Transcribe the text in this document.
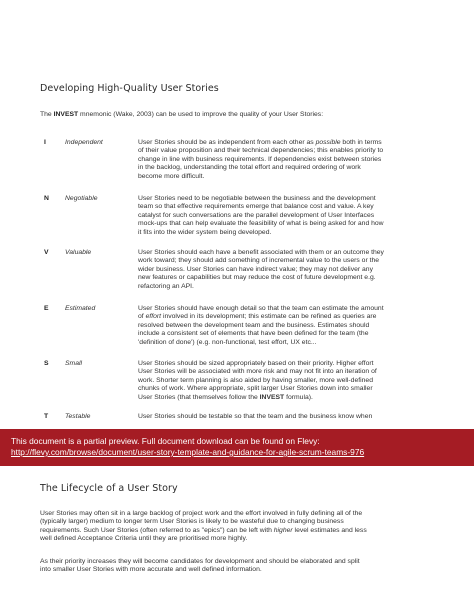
Developing High-Quality User Stories
The INVEST mnemonic (Wake, 2003) can be used to improve the quality of your User Stories:
I	Independent	User Stories should be as independent from each other as possible both in terms
of their value proposition and their technical dependencies; this enables priority to
change in line with business requirements. If dependencies exist between stories
in the backlog, understanding the total effort and required ordering of work
become more difficult.
N Negotiable	User Stories need to be negotiable between the business and the development
team so that effective requirements emerge that balance cost and value. A key
catalyst for such conversations are the parallel development of User Interfaces
mock-ups that can help evaluate the feasibility of what is being asked for and how
it fits into the wider system being developed.
V Valuable	User Stories should each have a benefit associated with them or an outcome they
work toward; they should add something of incremental value to the users or the
wider business. User Stories can have indirect value; they may not deliver any
new features or capabilities but may reduce the cost of future development e.g.
refactoring an API.
E Estimated	User Stories should have enough detail so that the team can estimate the amount
of effort involved in its development; this estimate can be refined as queries are
resolved between the development team and the business. Estimates should
include a consistent set of elements that have been defined for the team (the
'definition of done') (e.g. non-functional, test effort, UX etc...
S Small	User Stories should be sized appropriately based on their priority. Higher effort
User Stories will be associated with more risk and may not fit into an iteration of
work. Shorter term planning is also aided by having smaller, more well-defined
chunks of work. Where appropriate, split larger User Stories down into smaller
User Stories (that themselves follow the INVEST formula).
T Testable	User Stories should be testable so that the team and the business know when
The Lifecycle of a User Story
User Stories may often sit in a large backlog of project work and the effort involved in fully defining all of the
(typically larger) medium to longer term User Stories is likely to be wasteful due to changing business
requirements. Such User Stories (often referred to as "epics") can be left with higher level estimates and less
well defined Acceptance Criteria until they are prioritised more highly.
As their priority increases they will become candidates for development and should be elaborated and split
into smaller User Stories with more accurate and well defined information.
This document is a partial preview. Full document download can be found on Flevy:
http://flevy.com/browse/document/user-story-template-and-guidance-for-agile-scrum-teams-976
